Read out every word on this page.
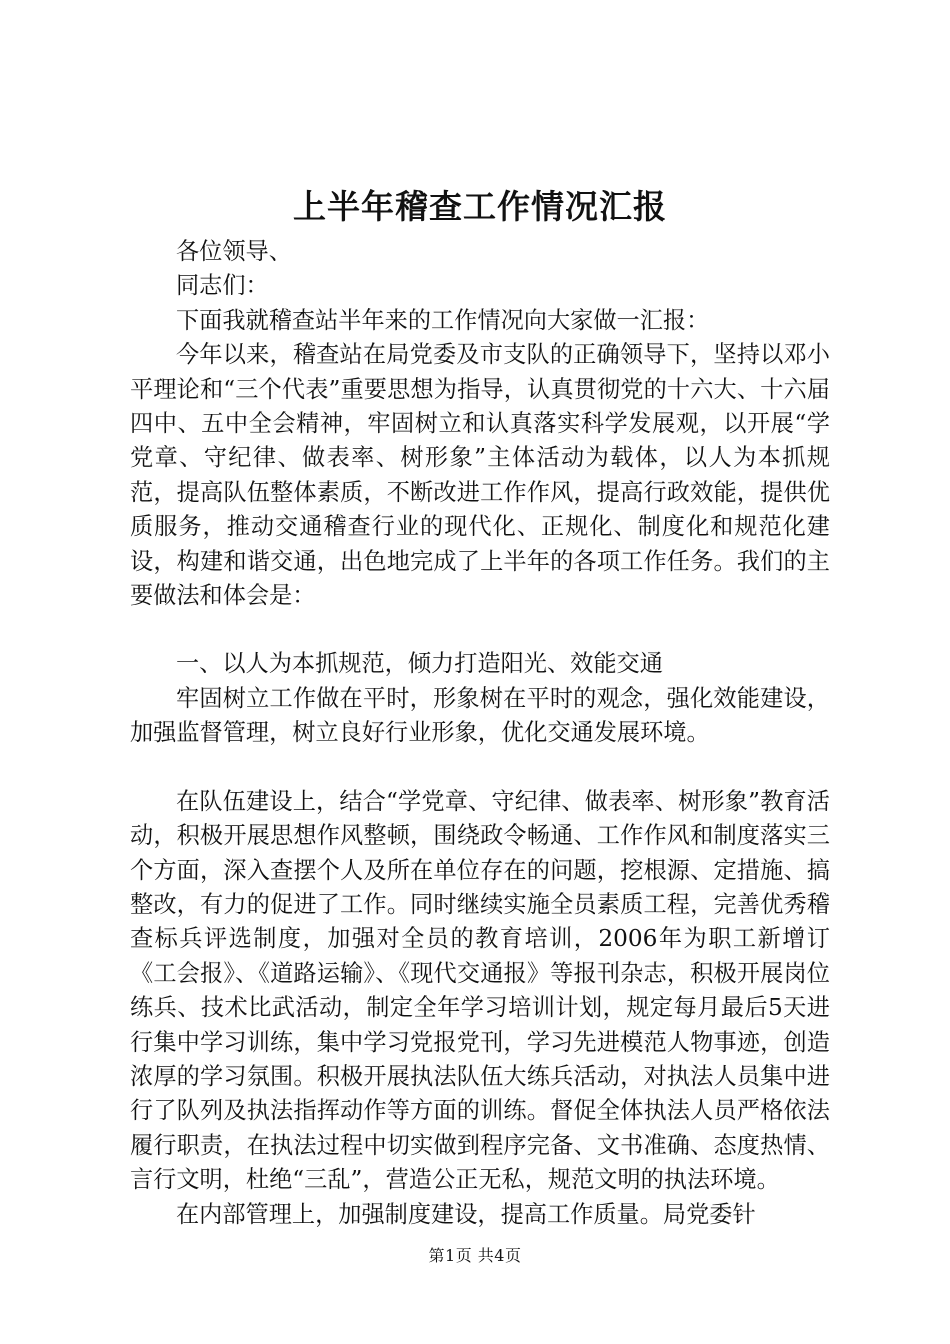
上半年稽查工作情况汇报

各位领导、

同志们：

下面我就稽查站半年来的工作情况向大家做一汇报：

今年以来，稽查站在局党委及市支队的正确领导下，坚持以邓小平理论和“三个代表”重要思想为指导，认真贯彻党的十六大、十六届四中、五中全会精神，牢固树立和认真落实科学发展观，以开展“学党章、守纪律、做表率、树形象”主体活动为载体，以人为本抓规范，提高队伍整体素质，不断改进工作作风，提高行政效能，提供优质服务，推动交通稽查行业的现代化、正规化、制度化和规范化建设，构建和谐交通，出色地完成了上半年的各项工作任务。我们的主要做法和体会是：

一、以人为本抓规范，倾力打造阳光、效能交通

牢固树立工作做在平时，形象树在平时的观念，强化效能建设，加强监督管理，树立良好行业形象，优化交通发展环境。

在队伍建设上，结合“学党章、守纪律、做表率、树形象”教育活动，积极开展思想作风整顿，围绕政令畅通、工作作风和制度落实三个方面，深入查摆个人及所在单位存在的问题，挖根源、定措施、搞整改，有力的促进了工作。同时继续实施全员素质工程，完善优秀稽查标兵评选制度，加强对全员的教育培训，2006年为职工新增订《工会报》、《道路运输》、《现代交通报》等报刊杂志，积极开展岗位练兵、技术比武活动，制定全年学习培训计划，规定每月最后5天进行集中学习训练，集中学习党报党刊，学习先进模范人物事迹，创造浓厚的学习氛围。积极开展执法队伍大练兵活动，对执法人员集中进行了队列及执法指挥动作等方面的训练。督促全体执法人员严格依法履行职责，在执法过程中切实做到程序完备、文书准确、态度热情、言行文明，杜绝“三乱”，营造公正无私，规范文明的执法环境。

在内部管理上，加强制度建设，提高工作质量。局党委针

第1页 共4页
